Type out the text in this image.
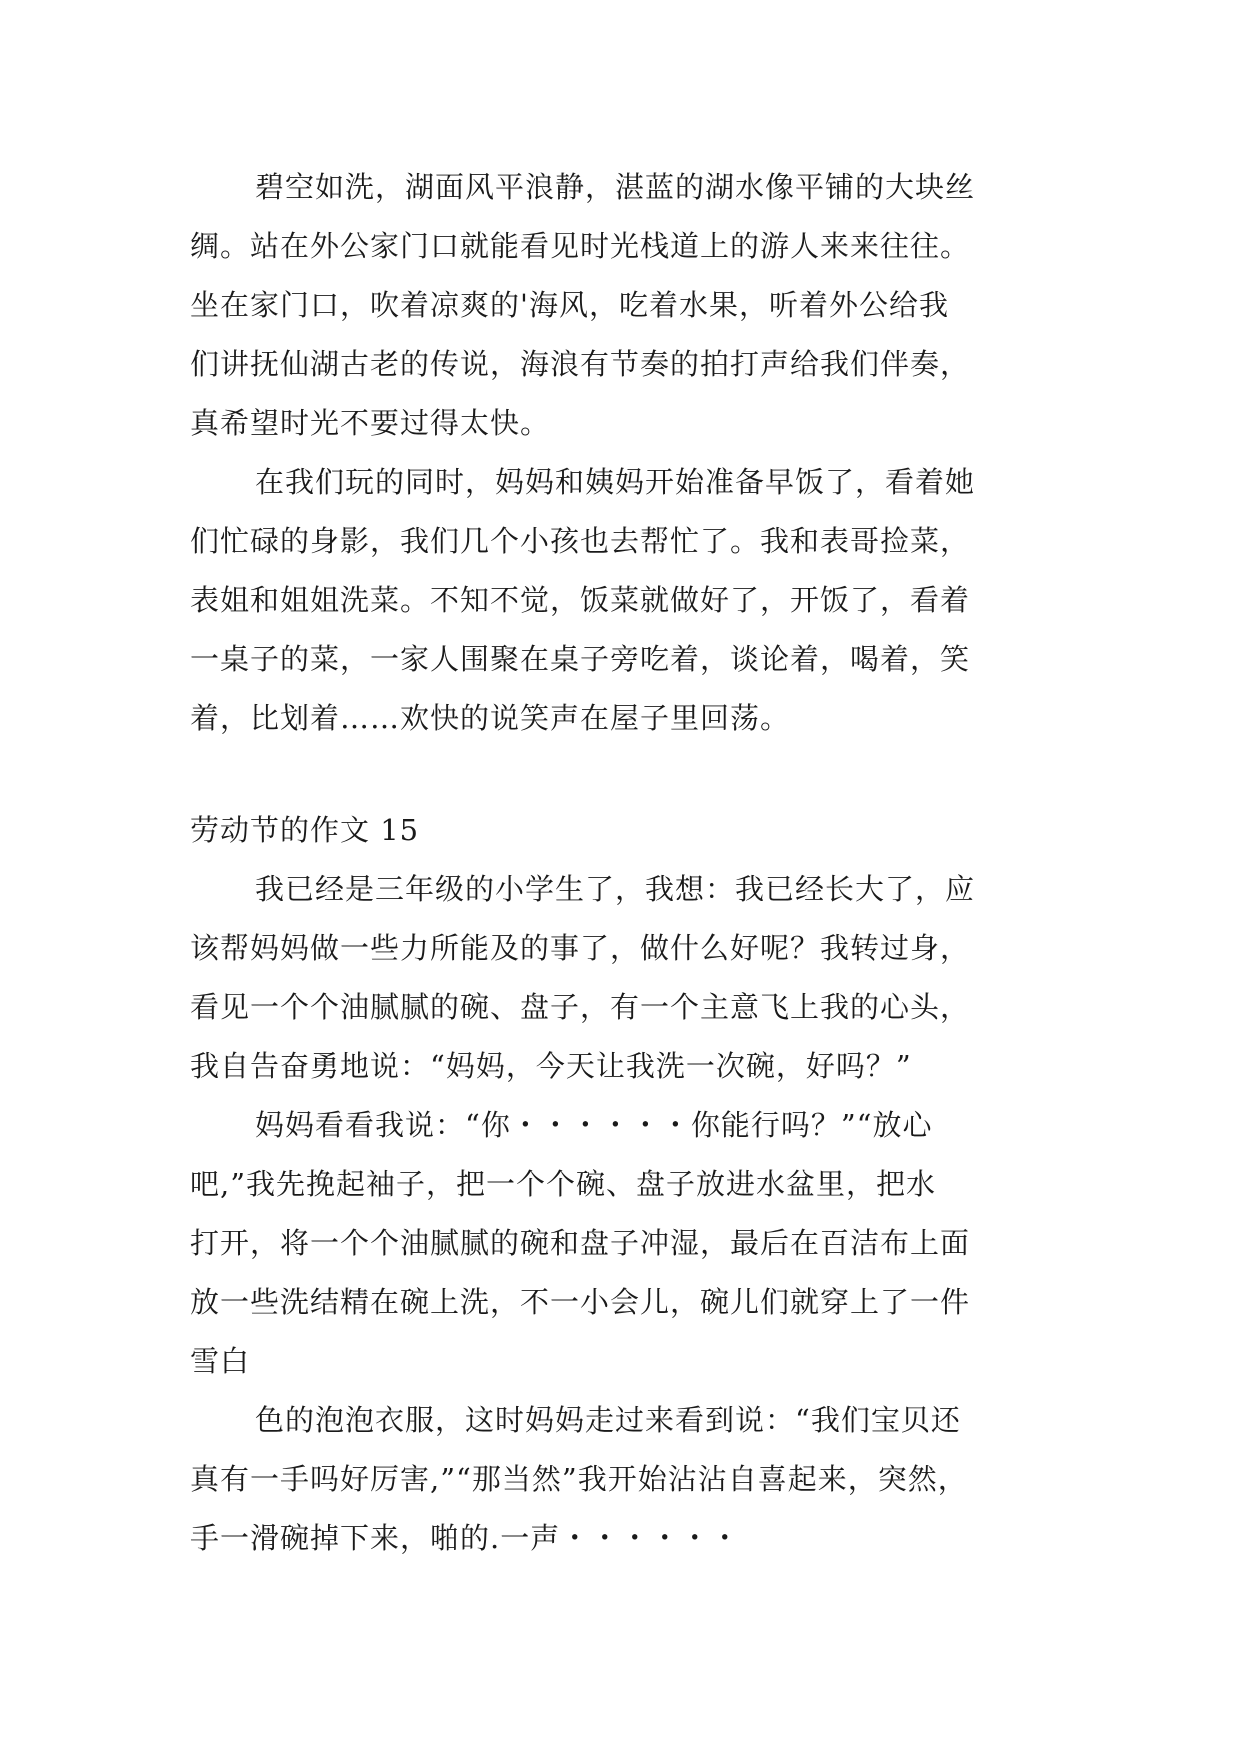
碧空如洗，湖面风平浪静，湛蓝的湖水像平铺的大块丝
绸。站在外公家门口就能看见时光栈道上的游人来来往往。
坐在家门口，吹着凉爽的'海风，吃着水果，听着外公给我
们讲抚仙湖古老的传说，海浪有节奏的拍打声给我们伴奏，
真希望时光不要过得太快。
在我们玩的同时，妈妈和姨妈开始准备早饭了，看着她
们忙碌的身影，我们几个小孩也去帮忙了。我和表哥捡菜，
表姐和姐姐洗菜。不知不觉，饭菜就做好了，开饭了，看着
一桌子的菜，一家人围聚在桌子旁吃着，谈论着，喝着，笑
着，比划着……欢快的说笑声在屋子里回荡。
劳动节的作文 15
我已经是三年级的小学生了，我想：我已经长大了，应
该帮妈妈做一些力所能及的事了，做什么好呢？我转过身，
看见一个个油腻腻的碗、盘子，有一个主意飞上我的心头，
我自告奋勇地说：“妈妈，今天让我洗一次碗，好吗？”
妈妈看看我说：“你・・・・・・你能行吗？”“放心
吧,”我先挽起袖子，把一个个碗、盘子放进水盆里，把水
打开，将一个个油腻腻的碗和盘子冲湿，最后在百洁布上面
放一些洗结精在碗上洗，不一小会儿，碗儿们就穿上了一件
雪白
色的泡泡衣服，这时妈妈走过来看到说：“我们宝贝还
真有一手吗好厉害,”“那当然”我开始沾沾自喜起来，突然，
手一滑碗掉下来，啪的.一声・・・・・・
